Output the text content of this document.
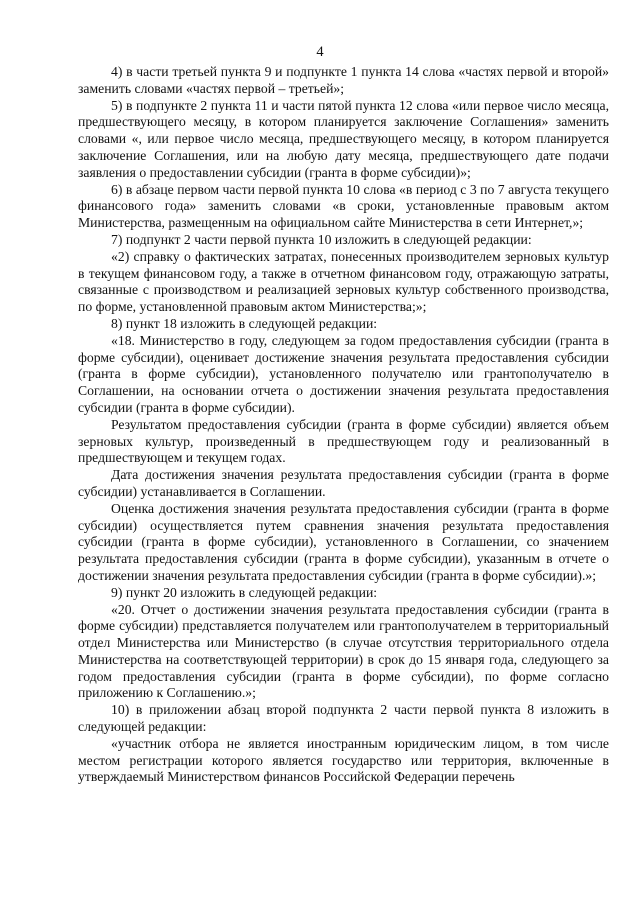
4

4) в части третьей пункта 9 и подпункте 1 пункта 14 слова «частях первой и второй» заменить словами «частях первой – третьей»;

5) в подпункте 2 пункта 11 и части пятой пункта 12 слова «или первое число месяца, предшествующего месяцу, в котором планируется заключение Соглашения» заменить словами «, или первое число месяца, предшествующего месяцу, в котором планируется заключение Соглашения, или на любую дату месяца, предшествующего дате подачи заявления о предоставлении субсидии (гранта в форме субсидии)»;

6) в абзаце первом части первой пункта 10 слова «в период с 3 по 7 августа текущего финансового года» заменить словами «в сроки, установленные правовым актом Министерства, размещенным на официальном сайте Министерства в сети Интернет,»;

7) подпункт 2 части первой пункта 10 изложить в следующей редакции:

«2) справку о фактических затратах, понесенных производителем зерновых культур в текущем финансовом году, а также в отчетном финансовом году, отражающую затраты, связанные с производством и реализацией зерновых культур собственного производства, по форме, установленной правовым актом Министерства;»;

8) пункт 18 изложить в следующей редакции:

«18. Министерство в году, следующем за годом предоставления субсидии (гранта в форме субсидии), оценивает достижение значения результата предоставления субсидии (гранта в форме субсидии), установленного получателю или грантополучателю в Соглашении, на основании отчета о достижении значения результата предоставления субсидии (гранта в форме субсидии).

Результатом предоставления субсидии (гранта в форме субсидии) является объем зерновых культур, произведенный в предшествующем году и реализованный в предшествующем и текущем годах.

Дата достижения значения результата предоставления субсидии (гранта в форме субсидии) устанавливается в Соглашении.

Оценка достижения значения результата предоставления субсидии (гранта в форме субсидии) осуществляется путем сравнения значения результата предоставления субсидии (гранта в форме субсидии), установленного в Соглашении, со значением результата предоставления субсидии (гранта в форме субсидии), указанным в отчете о достижении значения результата предоставления субсидии (гранта в форме субсидии).»;

9) пункт 20 изложить в следующей редакции:

«20. Отчет о достижении значения результата предоставления субсидии (гранта в форме субсидии) представляется получателем или грантополучателем в территориальный отдел Министерства или Министерство (в случае отсутствия территориального отдела Министерства на соответствующей территории) в срок до 15 января года, следующего за годом предоставления субсидии (гранта в форме субсидии), по форме согласно приложению к Соглашению.»;

10) в приложении абзац второй подпункта 2 части первой пункта 8 изложить в следующей редакции:

«участник отбора не является иностранным юридическим лицом, в том числе местом регистрации которого является государство или территория, включенные в утверждаемый Министерством финансов Российской Федерации перечень
